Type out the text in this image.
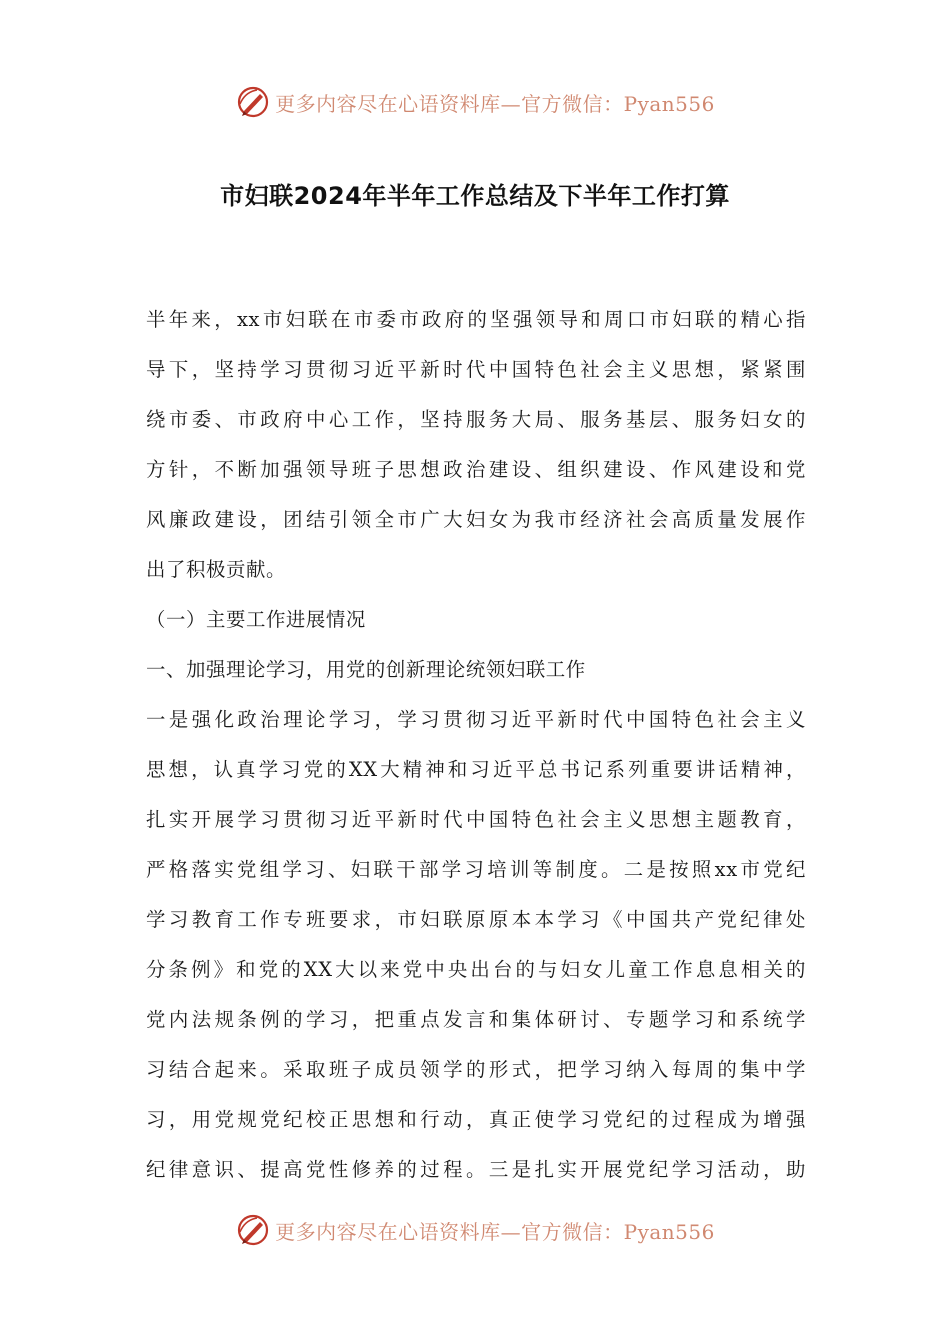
更多内容尽在心语资料库—官方微信：Pyan556
市妇联2024年半年工作总结及下半年工作打算
半年来，xx市妇联在市委市政府的坚强领导和周口市妇联的精心指
导下，坚持学习贯彻习近平新时代中国特色社会主义思想，紧紧围
绕市委、市政府中心工作，坚持服务大局、服务基层、服务妇女的
方针，不断加强领导班子思想政治建设、组织建设、作风建设和党
风廉政建设，团结引领全市广大妇女为我市经济社会高质量发展作
出了积极贡献。
（一）主要工作进展情况
一、加强理论学习，用党的创新理论统领妇联工作
一是强化政治理论学习，学习贯彻习近平新时代中国特色社会主义
思想，认真学习党的XX大精神和习近平总书记系列重要讲话精神，
扎实开展学习贯彻习近平新时代中国特色社会主义思想主题教育，
严格落实党组学习、妇联干部学习培训等制度。二是按照xx市党纪
学习教育工作专班要求，市妇联原原本本学习《中国共产党纪律处
分条例》和党的XX大以来党中央出台的与妇女儿童工作息息相关的
党内法规条例的学习，把重点发言和集体研讨、专题学习和系统学
习结合起来。采取班子成员领学的形式，把学习纳入每周的集中学
习，用党规党纪校正思想和行动，真正使学习党纪的过程成为增强
纪律意识、提高党性修养的过程。三是扎实开展党纪学习活动，助
更多内容尽在心语资料库—官方微信：Pyan556
